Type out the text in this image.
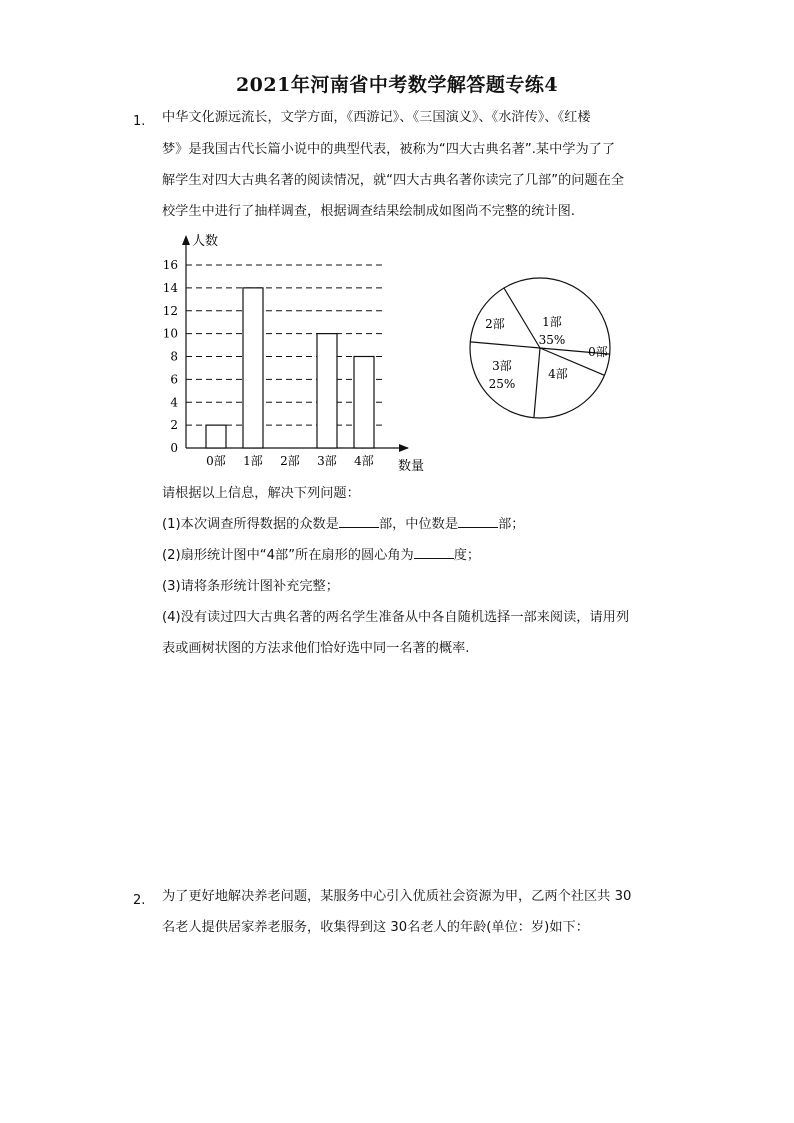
2021年河南省中考数学解答题专练4
1. 中华文化源远流长，文学方面，《西游记》、《三国演义》、《水浒传》、《红楼
梦》是我国古代长篇小说中的典型代表，被称为“四大古典名著”.某中学为了了
解学生对四大古典名著的阅读情况，就“四大古典名著你读完了几部”的问题在全
校学生中进行了抽样调查，根据调查结果绘制成如图尚不完整的统计图.
人数
数量
0
2
4
6
8
10
12
14
16
0部 1部 2部 3部 4部
1部
35%
0部
4部
3部
25%
2部
请根据以上信息，解决下列问题：
(1)本次调查所得数据的众数是	部，中位数是	部；
(2)扇形统计图中“4部”所在扇形的圆心角为	度；
(3)请将条形统计图补充完整；
(4)没有读过四大古典名著的两名学生准备从中各自随机选择一部来阅读，请用列
表或画树状图的方法求他们恰好选中同一名著的概率.
2. 为了更好地解决养老问题，某服务中心引入优质社会资源为甲，乙两个社区共 30
名老人提供居家养老服务，收集得到这 30名老人的年龄(单位：岁)如下：
